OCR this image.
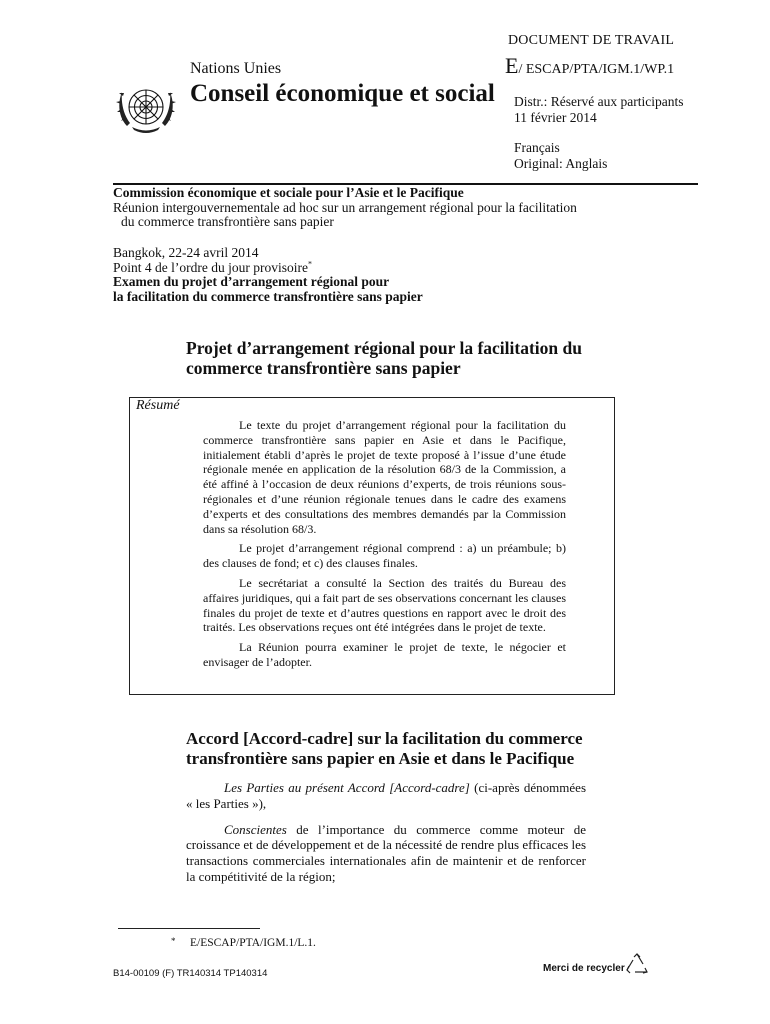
DOCUMENT DE TRAVAIL
Nations Unies	E/ ESCAP/PTA/IGM.1/WP.1
Conseil économique et social Distr.: Réservé aux participants
11 février 2014
Français
Original: Anglais
Commission économique et sociale pour l’Asie et le Pacifique
Réunion intergouvernementale ad hoc sur un arrangement régional pour la facilitation
du commerce transfrontière sans papier
Bangkok, 22-24 avril 2014
Point 4 de l’ordre du jour provisoire*
Examen du projet d’arrangement régional pour
la facilitation du commerce transfrontière sans papier
Projet d’arrangement régional pour la facilitation du
commerce transfrontière sans papier
Résumé

Le texte du projet d’arrangement régional pour la facilitation du commerce transfrontière sans papier en Asie et dans le Pacifique, initialement établi d’après le projet de texte proposé à l’issue d’une étude régionale menée en application de la résolution 68/3 de la Commission, a été affiné à l’occasion de deux réunions d’experts, de trois réunions sous-régionales et d’une réunion régionale tenues dans le cadre des examens d’experts et des consultations des membres demandés par la Commission dans sa résolution 68/3.

Le projet d’arrangement régional comprend : a) un préambule; b) des clauses de fond; et c) des clauses finales.

Le secrétariat a consulté la Section des traités du Bureau des affaires juridiques, qui a fait part de ses observations concernant les clauses finales du projet de texte et d’autres questions en rapport avec le droit des traités. Les observations reçues ont été intégrées dans le projet de texte.

La Réunion pourra examiner le projet de texte, le négocier et envisager de l’adopter.

Accord [Accord-cadre] sur la facilitation du commerce
transfrontière sans papier en Asie et dans le Pacifique

Les Parties au présent Accord [Accord-cadre] (ci-après dénommées « les Parties »),

Conscientes de l’importance du commerce comme moteur de croissance et de développement et de la nécessité de rendre plus efficaces les transactions commerciales internationales afin de maintenir et de renforcer la compétitivité de la région;

* E/ESCAP/PTA/IGM.1/L.1.
B14-00109 (F) TR140314 TP140314	Merci de recycler
